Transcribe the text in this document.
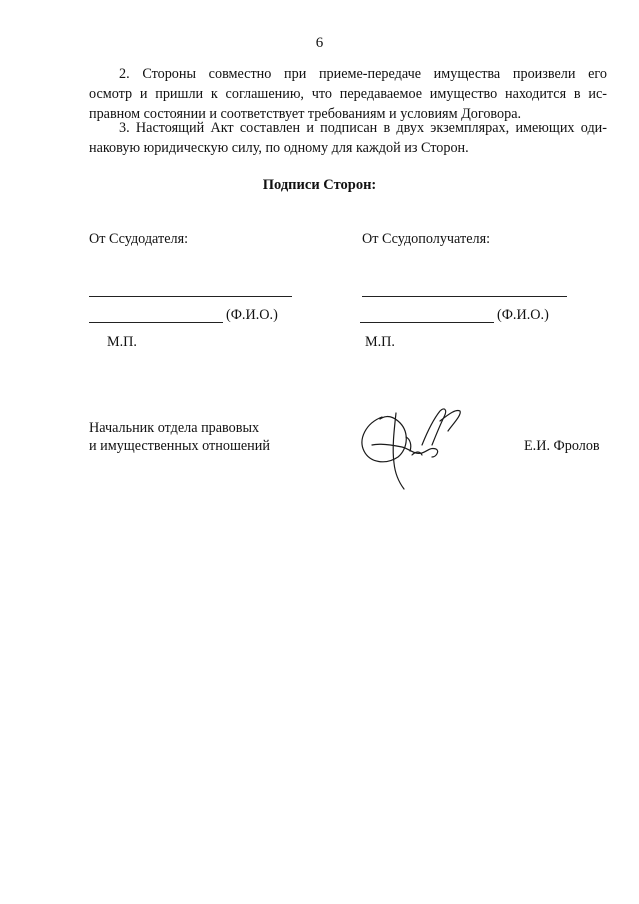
6
2. Стороны совместно при приеме-передаче имущества произвели его
осмотр и пришли к соглашению, что передаваемое имущество находится в ис-
правном состоянии и соответствует требованиям и условиям Договора.
3. Настоящий Акт составлен и подписан в двух экземплярах, имеющих оди-
наковую юридическую силу, по одному для каждой из Сторон.
Подписи Сторон:
От Ссудодателя:
(Ф.И.О.)
М.П.
От Ссудополучателя:
(Ф.И.О.)
М.П.
Начальник отдела правовых
и имущественных отношений	Е.И. Фролов
